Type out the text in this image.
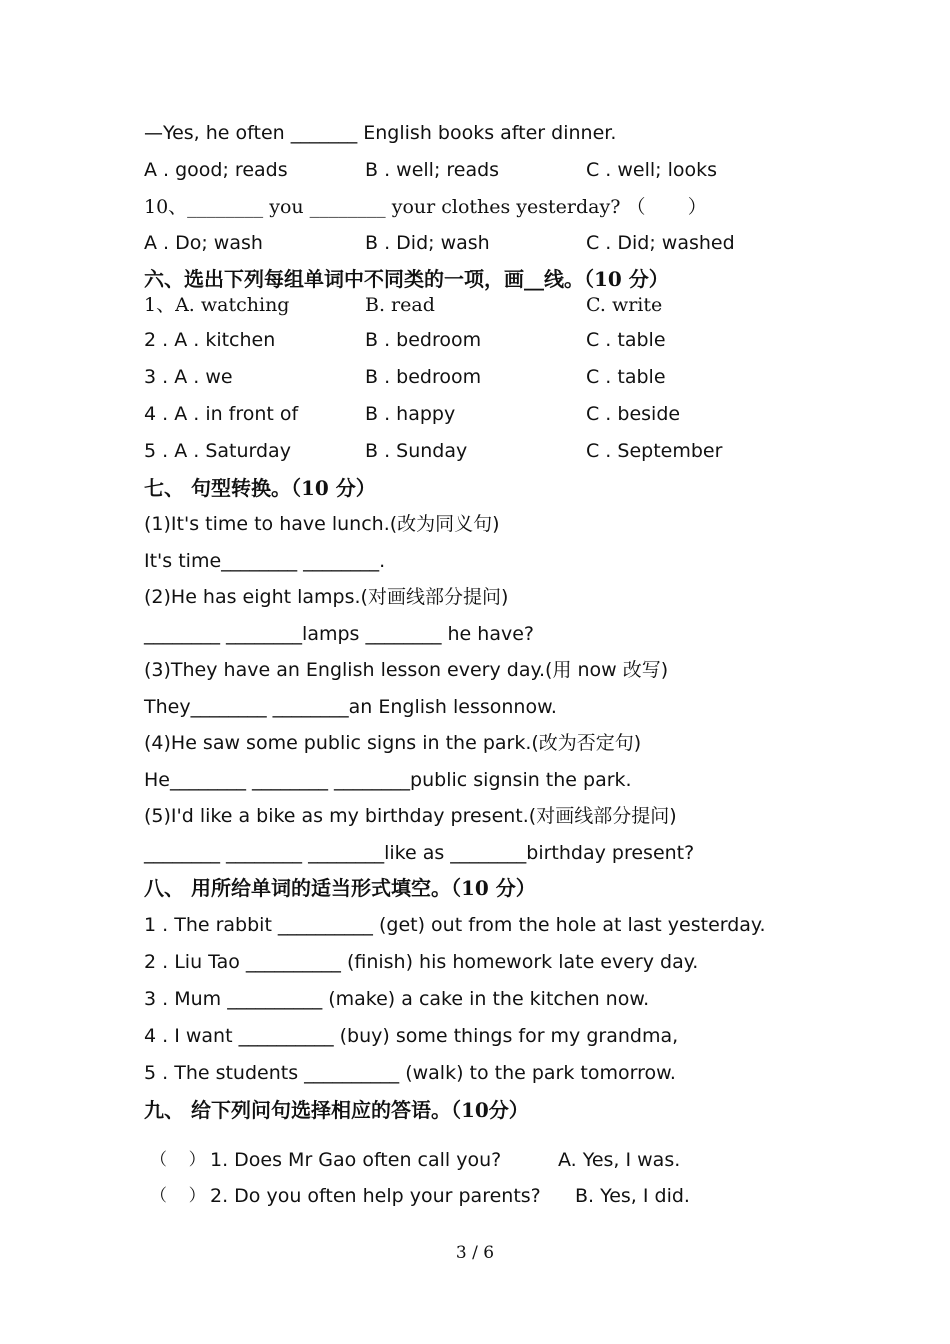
—Yes, he often _______ English books after dinner.
A . good; reads	B . well; reads	C . well; looks
10、________ you ________ your clothes yesterday? （       ）
A . Do; wash	B . Did; wash	C . Did; washed
六、选出下列每组单词中不同类的一项，画__线。（10 分）
1、A. watching	B. read	C. write
2 . A . kitchen	B . bedroom	C . table
3 . A . we	B . bedroom	C . table
4 . A . in front of	B . happy	C . beside
5 . A . Saturday	B . Sunday	C . September
七、 句型转换。（10 分）
(1)It's time to have lunch.(改为同义句)
It's time________ ________.
(2)He has eight lamps.(对画线部分提问)
________ ________lamps ________ he have?
(3)They have an English lesson every day.(用 now 改写)
They________ ________an English lessonnow.
(4)He saw some public signs in the park.(改为否定句)
He________ ________ ________public signsin the park.
(5)I'd like a bike as my birthday present.(对画线部分提问)
________ ________ ________like as ________birthday present?
八、 用所给单词的适当形式填空。（10 分）
1 . The rabbit __________ (get) out from the hole at last yesterday.
2 . Liu Tao __________ (finish) his homework late every day.
3 . Mum __________ (make) a cake in the kitchen now.
4 . I want __________ (buy) some things for my grandma,
5 . The students __________ (walk) to the park tomorrow.
九、 给下列问句选择相应的答语。（10分）
（    ） 1. Does Mr Gao often call you?	A. Yes, I was.
（    ） 2. Do you often help your parents? B. Yes, I did.
3 / 6
